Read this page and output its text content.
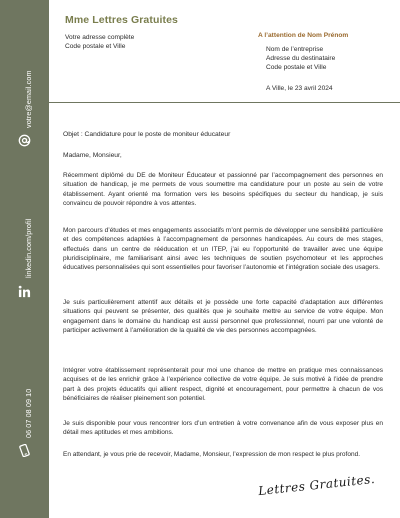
votre@email.com
linkedin.com/profil
06 07 08 09 10
Mme Lettres Gratuites
Votre adresse complète
Code postale et Ville
A l’attention de Nom Prénom
Nom de l’entreprise
Adresse du destinataire
Code postale et Ville
A Ville, le 23 avril 2024
Objet : Candidature pour le poste de moniteur éducateur
Madame, Monsieur,

Récemment diplômé du DE de Moniteur Éducateur et passionné par l’accompagnement des personnes en situation de handicap, je me permets de vous soumettre ma candidature pour un poste au sein de votre établissement. Ayant orienté ma formation vers les besoins spécifiques du secteur du handicap, je suis convaincu de pouvoir répondre à vos attentes.

Mon parcours d’études et mes engagements associatifs m’ont permis de développer une sensibilité particulière et des compétences adaptées à l’accompagnement de personnes handicapées. Au cours de mes stages, effectués dans un centre de rééducation et un ITEP, j’ai eu l’opportunité de travailler avec une équipe pluridisciplinaire, me familiarisant ainsi avec les techniques de soutien psychomoteur et les approches éducatives personnalisées qui sont essentielles pour favoriser l’autonomie et l’intégration sociale des usagers.

Je suis particulièrement attentif aux détails et je possède une forte capacité d’adaptation aux différentes situations qui peuvent se présenter, des qualités que je souhaite mettre au service de votre équipe. Mon engagement dans le domaine du handicap est aussi personnel que professionnel, nourri par une volonté de participer activement à l’amélioration de la qualité de vie des personnes accompagnées.

Intégrer votre établissement représenterait pour moi une chance de mettre en pratique mes connaissances acquises et de les enrichir grâce à l’expérience collective de votre équipe. Je suis motivé à l’idée de prendre part à des projets éducatifs qui allient respect, dignité et encouragement, pour permettre à chacun de vos bénéficiaires de réaliser pleinement son potentiel.

Je suis disponible pour vous rencontrer lors d’un entretien à votre convenance afin de vous exposer plus en détail mes aptitudes et mes ambitions.

En attendant, je vous prie de recevoir, Madame, Monsieur, l’expression de mon respect le plus profond.

Lettres Gratuites.
